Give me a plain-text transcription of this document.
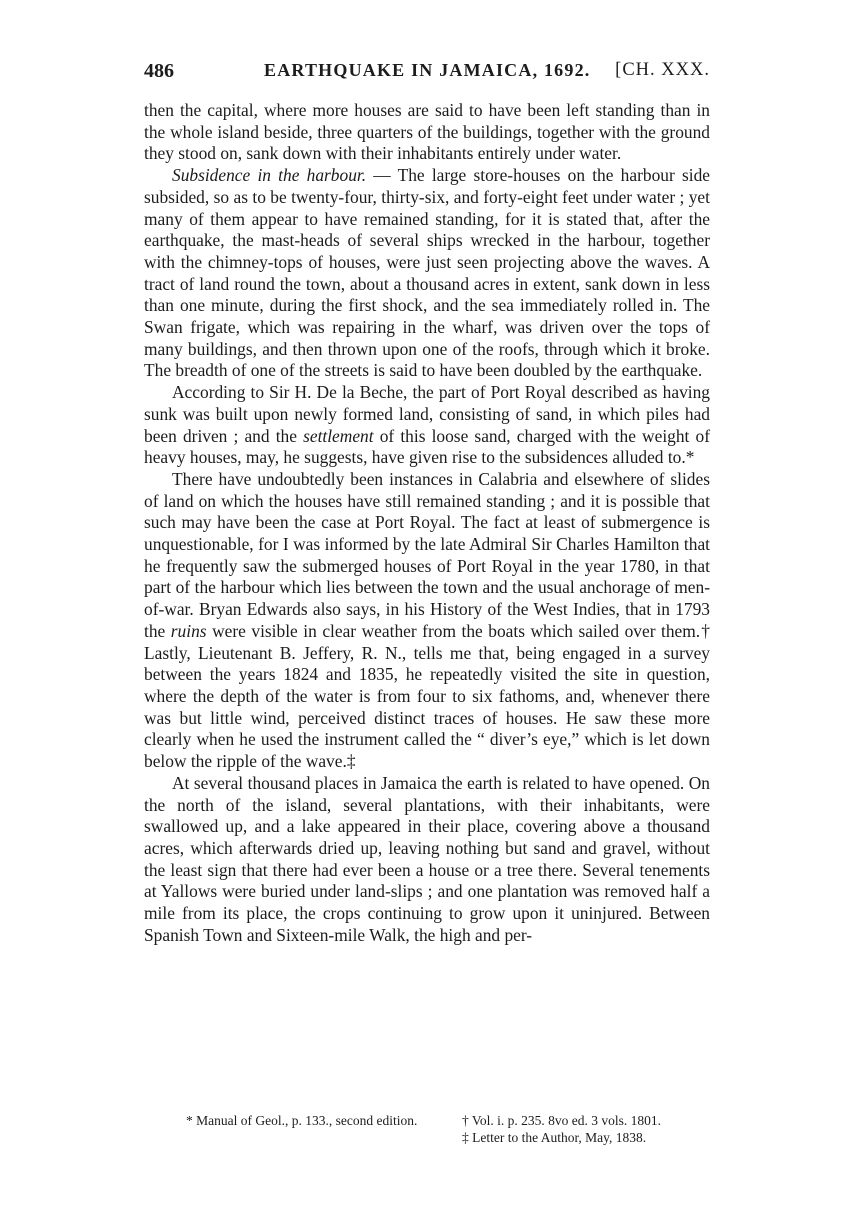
486	EARTHQUAKE IN JAMAICA, 1692. [CH. XXX.

then the capital, where more houses are said to have been left standing than in the whole island beside, three quarters of the buildings, together with the ground they stood on, sank down with their inhabitants entirely under water.

Subsidence in the harbour. — The large store-houses on the harbour side subsided, so as to be twenty-four, thirty-six, and forty-eight feet under water ; yet many of them appear to have remained standing, for it is stated that, after the earthquake, the mast-heads of several ships wrecked in the harbour, together with the chimney-tops of houses, were just seen projecting above the waves. A tract of land round the town, about a thousand acres in extent, sank down in less than one minute, during the first shock, and the sea immediately rolled in. The Swan frigate, which was repairing in the wharf, was driven over the tops of many buildings, and then thrown upon one of the roofs, through which it broke. The breadth of one of the streets is said to have been doubled by the earthquake.

According to Sir H. De la Beche, the part of Port Royal described as having sunk was built upon newly formed land, consisting of sand, in which piles had been driven ; and the settlement of this loose sand, charged with the weight of heavy houses, may, he suggests, have given rise to the subsidences alluded to.*

There have undoubtedly been instances in Calabria and elsewhere of slides of land on which the houses have still remained standing ; and it is possible that such may have been the case at Port Royal. The fact at least of submergence is unquestionable, for I was informed by the late Admiral Sir Charles Hamilton that he frequently saw the submerged houses of Port Royal in the year 1780, in that part of the harbour which lies between the town and the usual anchorage of men-of-war. Bryan Edwards also says, in his History of the West Indies, that in 1793 the ruins were visible in clear weather from the boats which sailed over them.† Lastly, Lieutenant B. Jeffery, R. N., tells me that, being engaged in a survey between the years 1824 and 1835, he repeatedly visited the site in question, where the depth of the water is from four to six fathoms, and, whenever there was but little wind, perceived distinct traces of houses. He saw these more clearly when he used the instrument called the “ diver’s eye,” which is let down below the ripple of the wave.‡

At several thousand places in Jamaica the earth is related to have opened. On the north of the island, several plantations, with their inhabitants, were swallowed up, and a lake appeared in their place, covering above a thousand acres, which afterwards dried up, leaving nothing but sand and gravel, without the least sign that there had ever been a house or a tree there. Several tenements at Yallows were buried under land-slips ; and one plantation was removed half a mile from its place, the crops continuing to grow upon it uninjured. Between Spanish Town and Sixteen-mile Walk, the high and per-

* Manual of Geol., p. 133., second edition.	† Vol. i. p. 235. 8vo ed. 3 vols. 1801.
‡ Letter to the Author, May, 1838.
